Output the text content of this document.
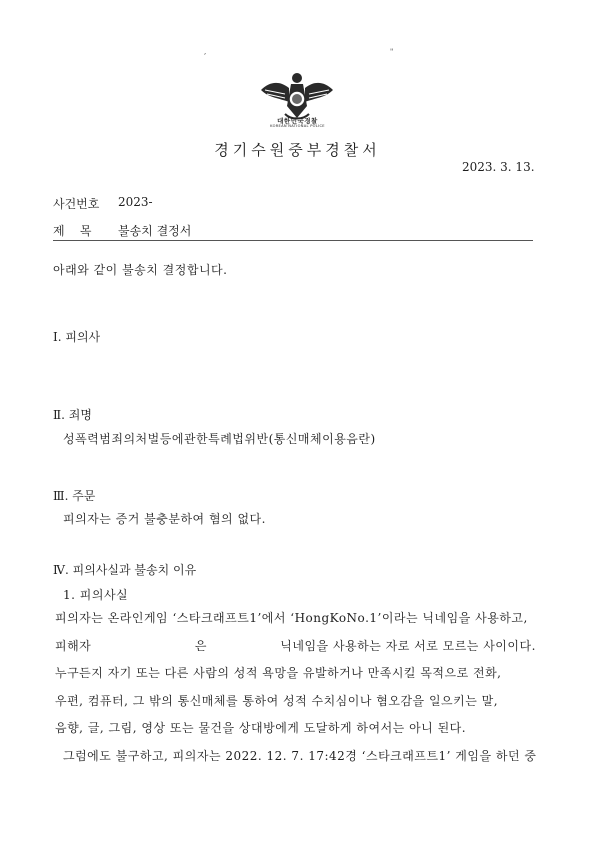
,	"
대한민국경찰
KOREAN NATIONAL POLICE
경기수원중부경찰서
2023. 3. 13.
사건번호 2023-
제    목 불송치 결정서
아래와 같이 불송치 결정합니다.
Ⅰ. 피의사
Ⅱ. 죄명
성폭력범죄의처벌등에관한특례법위반(통신매체이용음란)
Ⅲ. 주문
피의자는 증거 불충분하여 혐의 없다.
Ⅳ. 피의사실과 불송치 이유
1. 피의사실
피의자는 온라인게임 ‘스타크래프트1’에서 ‘HongKoNo.1’이라는 닉네임을 사용하고,
피해자                        은                 닉네임을 사용하는 자로 서로 모르는 사이이다.
누구든지 자기 또는 다른 사람의 성적 욕망을 유발하거나 만족시킬 목적으로 전화,
우편, 컴퓨터, 그 밖의 통신매체를 통하여 성적 수치심이나 혐오감을 일으키는 말,
음향, 글, 그림, 영상 또는 물건을 상대방에게 도달하게 하여서는 아니 된다.
그럼에도 불구하고, 피의자는 2022. 12. 7. 17:42경 ‘스타크래프트1’ 게임을 하던 중
